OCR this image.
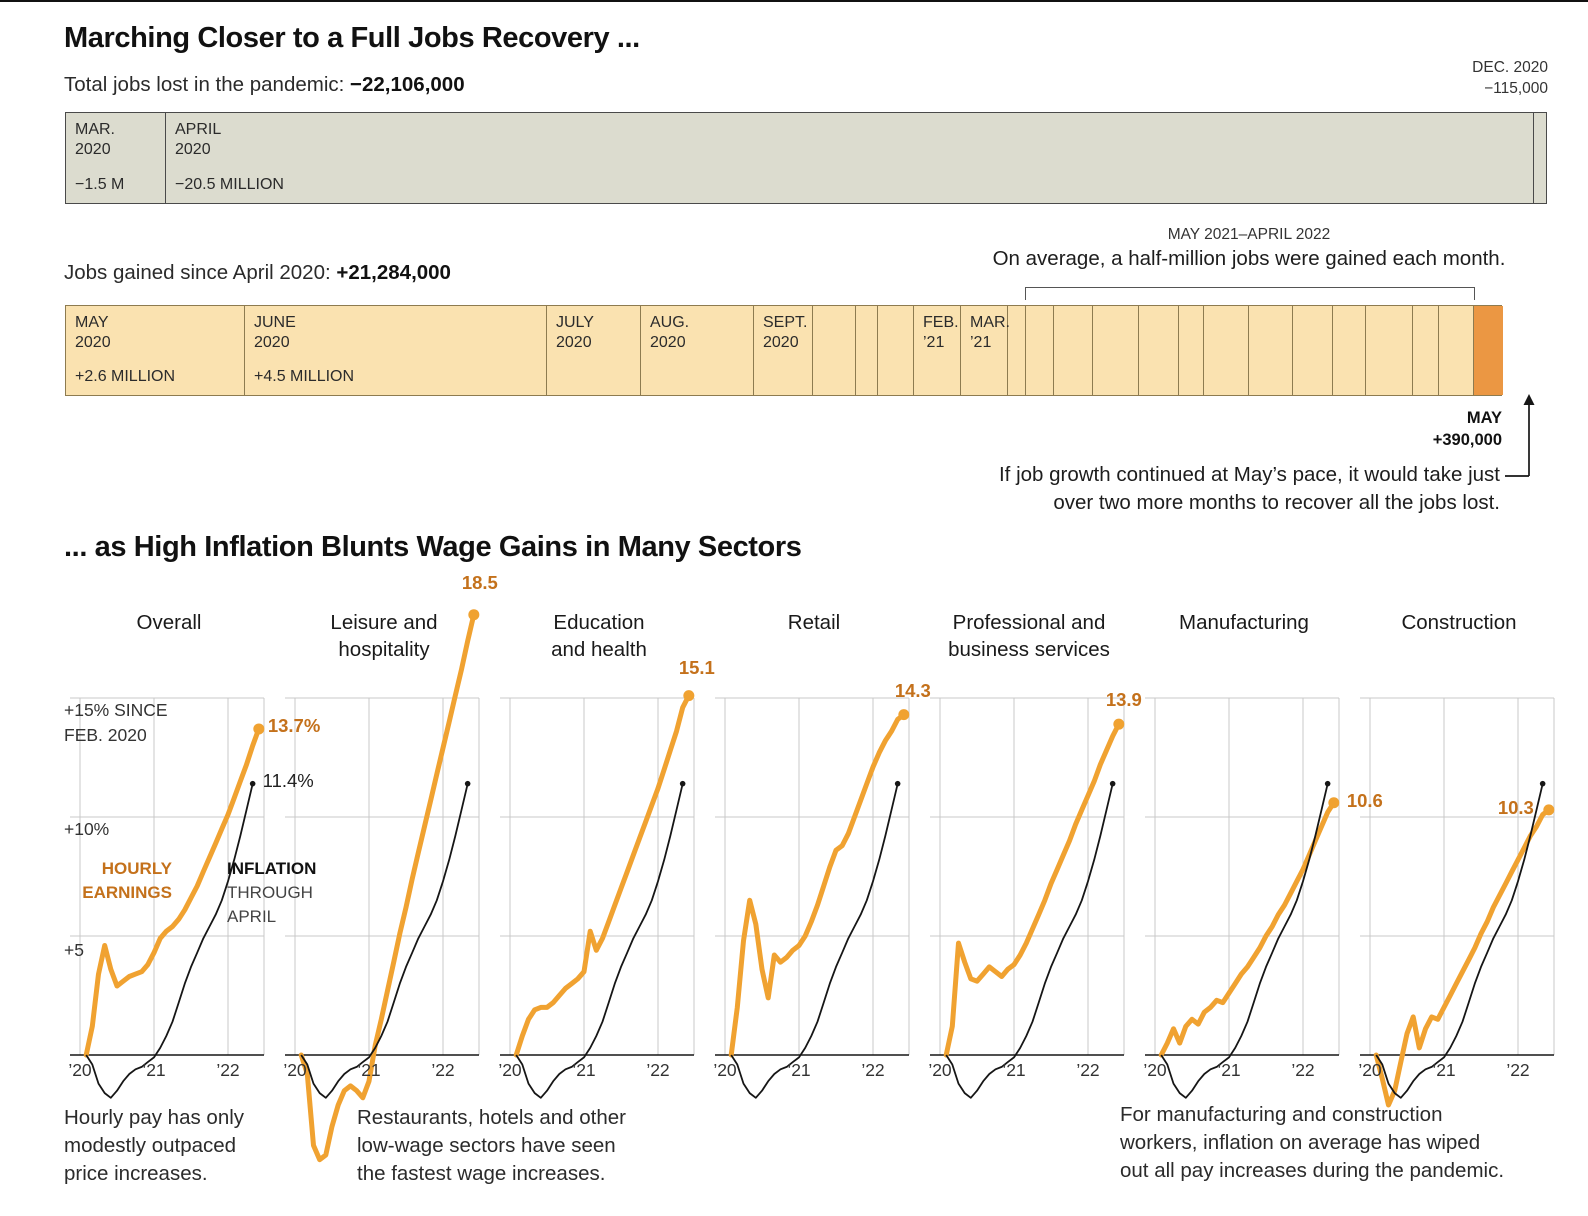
Marching Closer to a Full Jobs Recovery ...
Total jobs lost in the pandemic: −22,106,000
DEC. 2020
−115,000
MAR.
2020
−1.5 M
APRIL
2020
−20.5 MILLION
MAY 2021–APRIL 2022
On average, a half-million jobs were gained each month.
Jobs gained since April 2020: +21,284,000
MAY
2020
+2.6 MILLION
JUNE
2020
+4.5 MILLION
JULY
2020
AUG.
2020
SEPT.
2020
FEB.
’21
MAR.
’21
MAY
+390,000
If job growth continued at May’s pace, it would take just
over two more months to recover all the jobs lost.
... as High Inflation Blunts Wage Gains in Many Sectors
+15% SINCE
FEB. 2020
+10%
+5
HOURLY
EARNINGS
INFLATION
THROUGH
APRIL
Hourly pay has only
modestly outpaced
price increases.
Restaurants, hotels and other
low-wage sectors have seen
the fastest wage increases.
For manufacturing and construction
workers, inflation on average has wiped
out all pay increases during the pandemic.
Overall
’20	’21	’22
13.7%
11.4%
Leisure and
hospitality
’20	’21	’22
18.5
Education
and health
’20	’21	’22
15.1
Retail
’20	’21	’22
14.3
Professional and
business services
’20	’21	’22
13.9
Manufacturing
’20	’21	’22
10.6
Construction
’20	’21	’22
10.3
